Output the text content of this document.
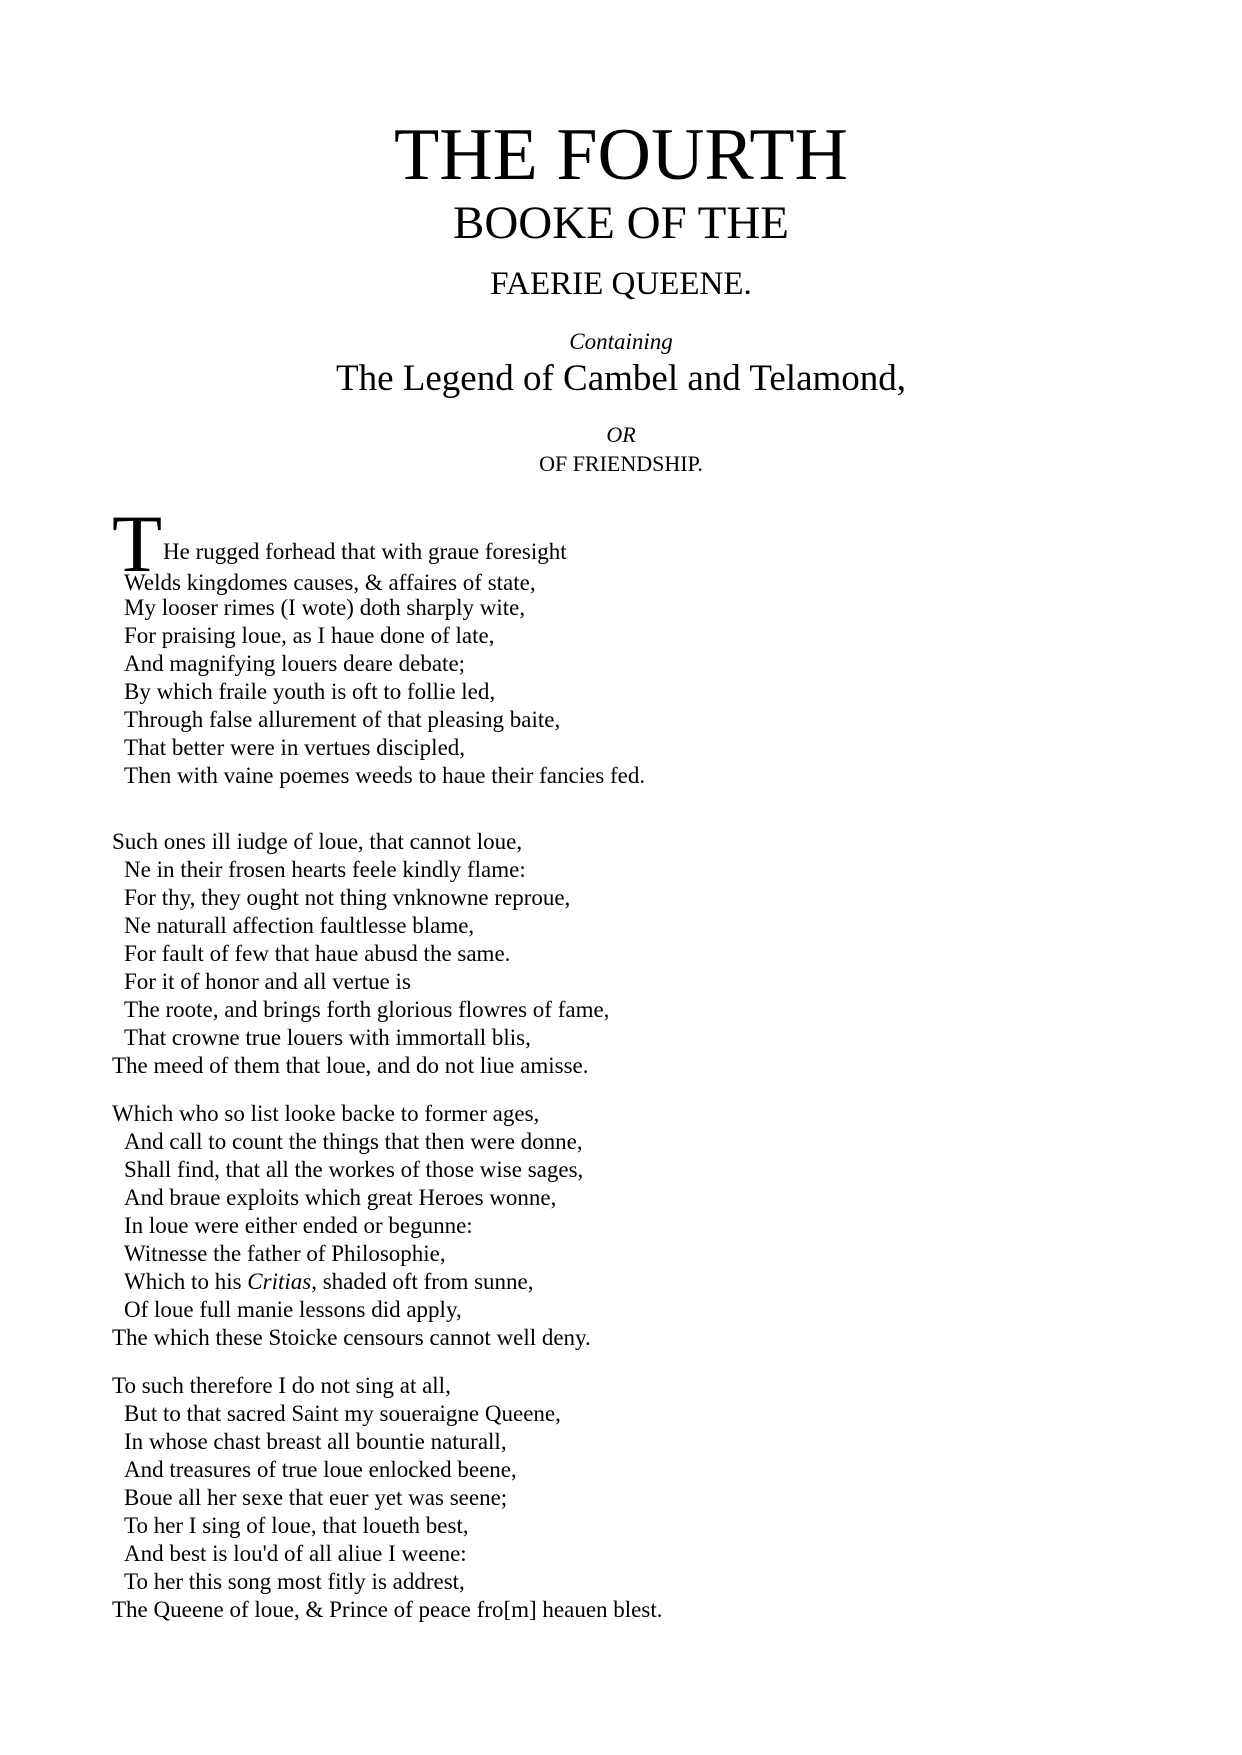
THE FOURTH
BOOKE OF THE
FAERIE QUEENE.
Containing
The Legend of Cambel and Telamond,
OR
OF FRIENDSHIP.
T He rugged forhead that with graue foresight
Welds kingdomes causes, & affaires of state,
My looser rimes (I wote) doth sharply wite,
For praising loue, as I haue done of late,
And magnifying louers deare debate;
By which fraile youth is oft to follie led,
Through false allurement of that pleasing baite,
That better were in vertues discipled,
Then with vaine poemes weeds to haue their fancies fed.
Such ones ill iudge of loue, that cannot loue,
Ne in their frosen hearts feele kindly flame:
For thy, they ought not thing vnknowne reproue,
Ne naturall affection faultlesse blame,
For fault of few that haue abusd the same.
For it of honor and all vertue is
The roote, and brings forth glorious flowres of fame,
That crowne true louers with immortall blis,
The meed of them that loue, and do not liue amisse.
Which who so list looke backe to former ages,
And call to count the things that then were donne,
Shall find, that all the workes of those wise sages,
And braue exploits which great Heroes wonne,
In loue were either ended or begunne:
Witnesse the father of Philosophie,
Which to his Critias, shaded oft from sunne,
Of loue full manie lessons did apply,
The which these Stoicke censours cannot well deny.
To such therefore I do not sing at all,
But to that sacred Saint my soueraigne Queene,
In whose chast breast all bountie naturall,
And treasures of true loue enlocked beene,
Boue all her sexe that euer yet was seene;
To her I sing of loue, that loueth best,
And best is lou'd of all aliue I weene:
To her this song most fitly is addrest,
The Queene of loue, & Prince of peace fro[m] heauen blest.
